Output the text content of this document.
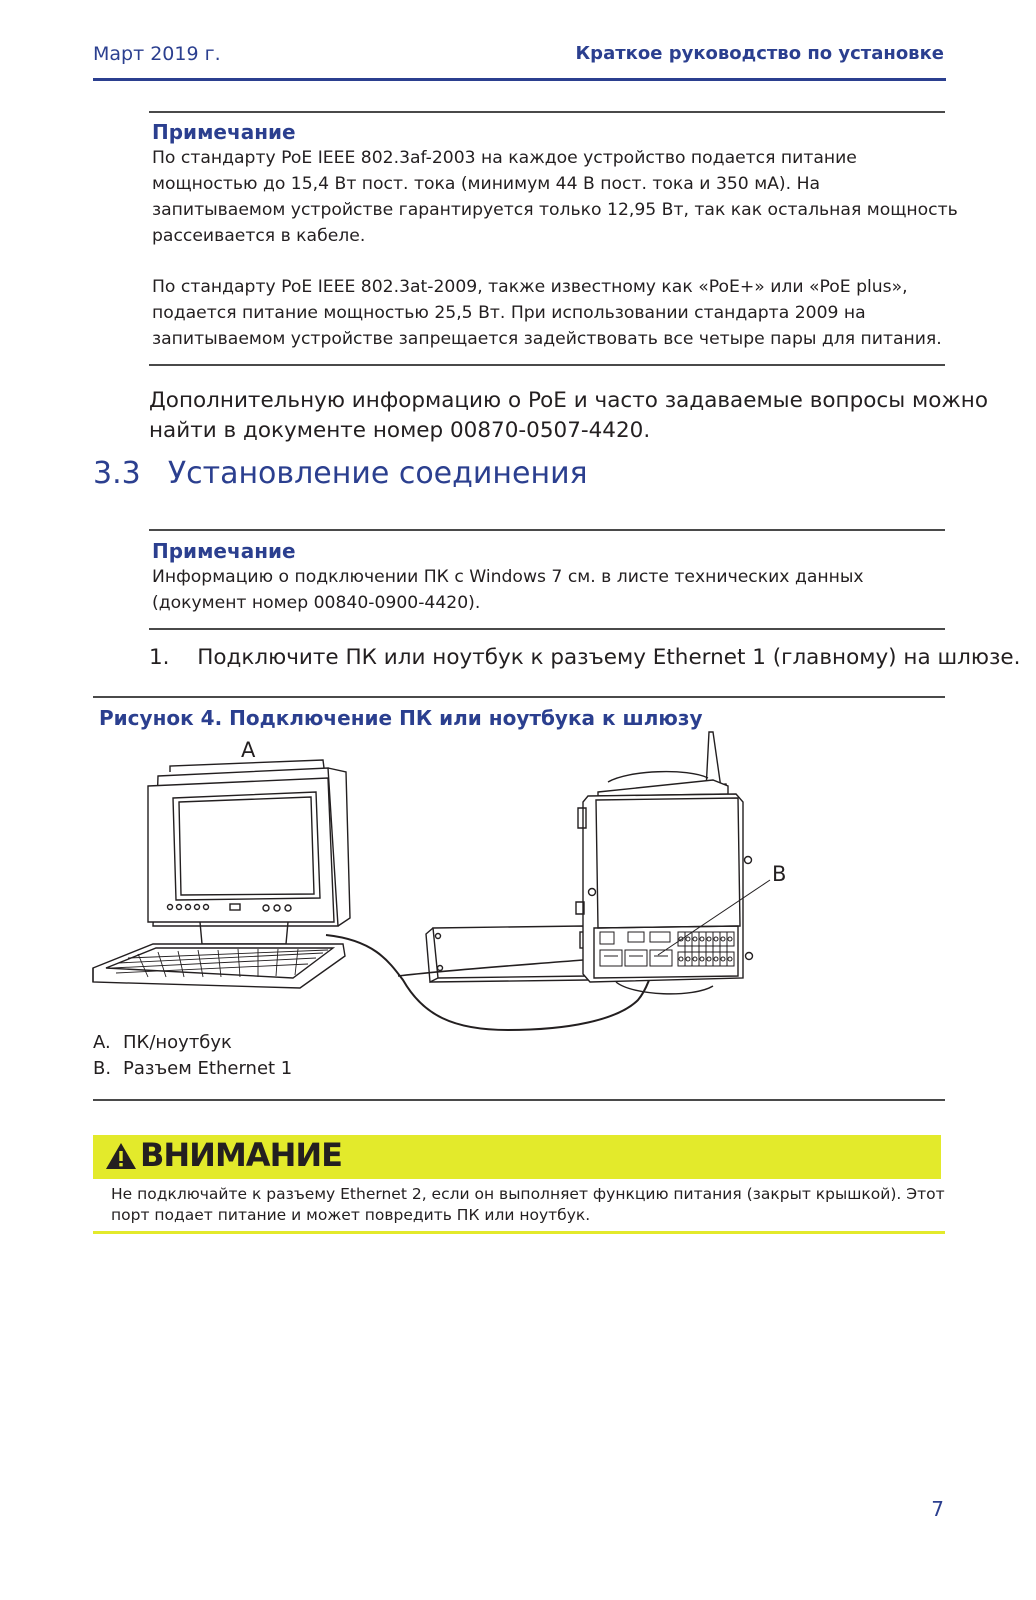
Март 2019 г.	Краткое руководство по установке
Примечание
По стандарту PoE IEEE 802.3af-2003 на каждое устройство подается питание
мощностью до 15,4 Вт пост. тока (минимум 44 В пост. тока и 350 мА). На
запитываемом устройстве гарантируется только 12,95 Вт, так как остальная мощность
рассеивается в кабеле.
По стандарту PoE IEEE 802.3at-2009, также известному как «PoE+» или «PoE plus»,
подается питание мощностью 25,5 Вт. При использовании стандарта 2009 на
запитываемом устройстве запрещается задействовать все четыре пары для питания.
Дополнительную информацию о PoE и часто задаваемые вопросы можно
найти в документе номер 00870-0507-4420.
3.3 Установление соединения
Примечание
Информацию о подключении ПК с Windows 7 см. в листе технических данных
(документ номер 00840-0900-4420).
1. Подключите ПК или ноутбук к разъему Ethernet 1 (главному) на шлюзе.
Рисунок 4. Подключение ПК или ноутбука к шлюзу
A
B
A. ПК/ноутбук
B. Разъем Ethernet 1
ВНИМАНИЕ
Не подключайте к разъему Ethernet 2, если он выполняет функцию питания (закрыт крышкой). Этот
порт подает питание и может повредить ПК или ноутбук.
7
